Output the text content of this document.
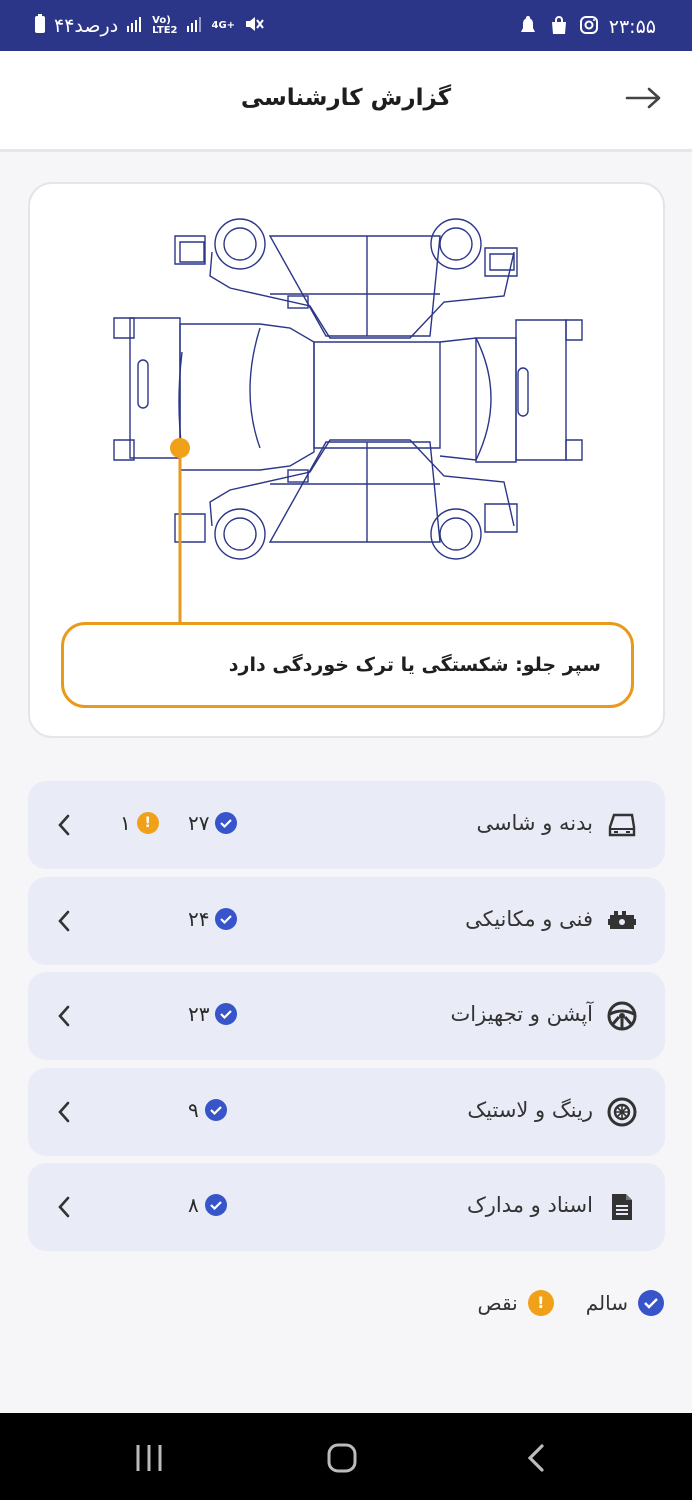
۴۴درصد	Vo)
LTE2	4G+	۲۳:۵۵
گزارش کارشناسی
سپر جلو: شکستگی یا ترک خوردگی دارد
بدنه و شاسی
۲۷
۱ !
فنی و مکانیکی
۲۴
آپشن و تجهیزات
۲۳
رینگ و لاستیک
۹
اسناد و مدارک
۸
سالم
!
نقص
